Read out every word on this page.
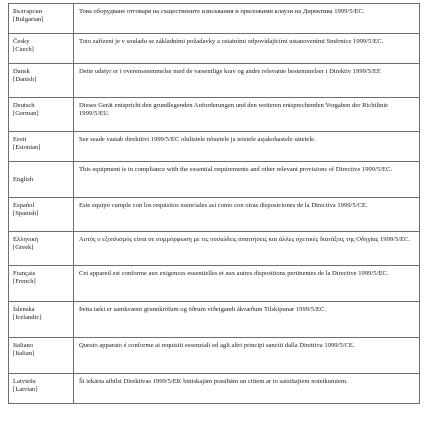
Български
[Bulgarian]	Това оборудване отговаря на съществените изисквания и приложими клаузи на Директива 1999/5/ЕС.

Česky
[Czech]	Toto zařízení je v souladu se základními požadavky a ostatními odpovídajícími ustanoveními Směrnice 1999/5/EC.

Dansk
[Danish]	Dette udstyr er i overensstemmelse med de væsentlige krav og andre relevante bestemmelser i Direktiv 1999/5/EF.

Deutsch
[German]	Dieses Gerät entspricht den grundlegenden Anforderungen und den weiteren entsprechenden Vorgaben der Richtlinie 1999/5/EU.

Eesti
[Estonian]	See seade vastab direktiivi 1999/5/EC olulistele nõuetele ja teistele asjakohastele sätetele.

English	This equipment is in compliance with the essential requirements and other relevant provisions of Directive 1999/5/EC.

Español
[Spanish]	Este equipo cumple con los requisitos esenciales así como con otras disposiciones de la Directiva 1999/5/CE.

Ελληνική
[Greek]	Αυτός ο εξοπλισμός είναι σε συμμόρφωση με τις ουσιώδεις απαιτήσεις και άλλες σχετικές διατάξεις της Οδηγίας 1999/5/EC.

Français
[French]	Cet appareil est conforme aux exigences essentielles et aux autres dispositions pertinentes de la Directive 1999/5/EC.

Íslenska
[Icelandic]	Þetta tæki er samkvæmt grunnkröfum og öðrum viðeigandi ákvæðum Tilskipunar 1999/5/EC.

Italiano
[Italian]	Questo apparato é conforme ai requisiti essenziali ed agli altri principi sanciti dalla Direttiva 1999/5/CE.

Latviešu
[Latvian]	Šī iekārta atbilst Direktīvas 1999/5/EK būtiskajām prasībām un citiem ar to saistītajiem noteikumiem.
